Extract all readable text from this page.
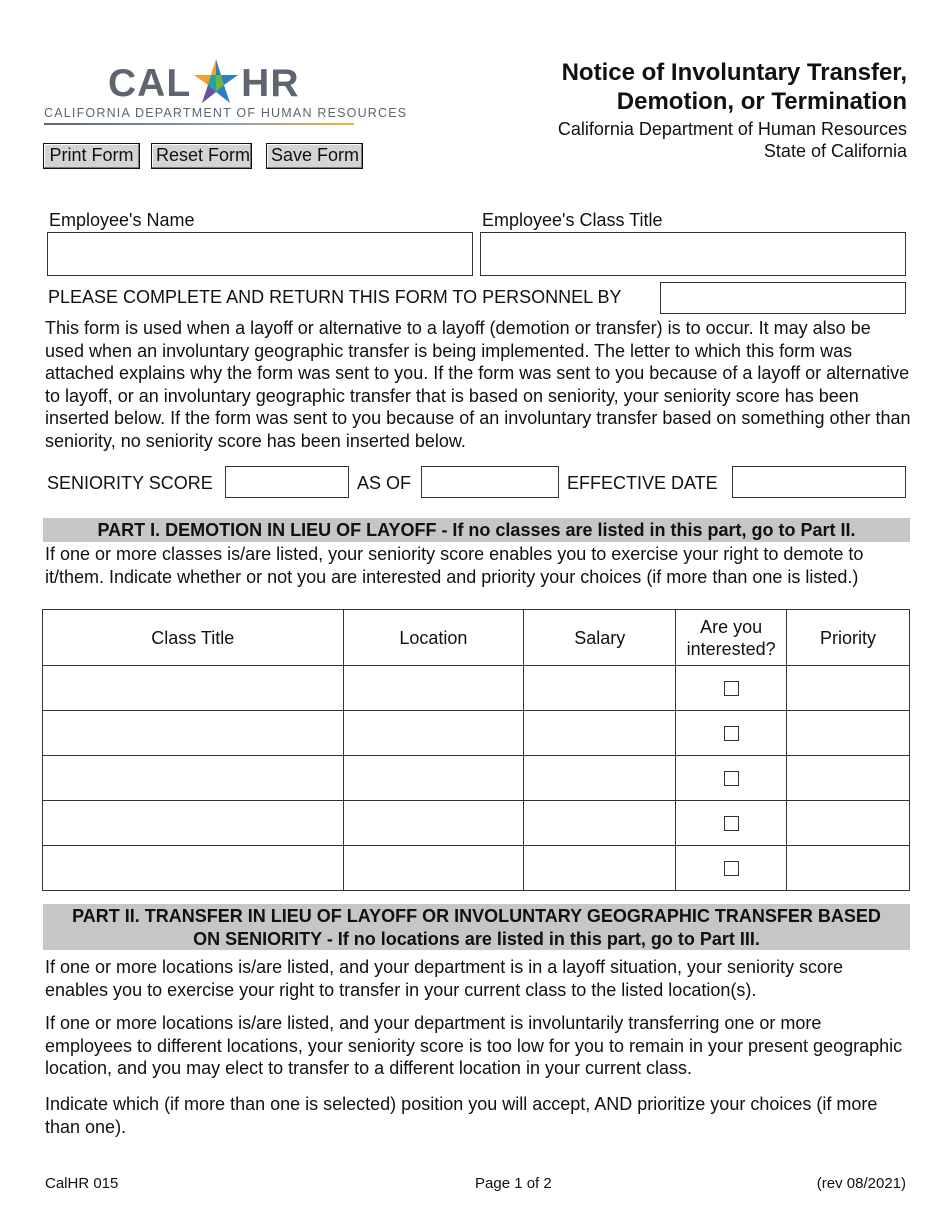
CAL HR
CALIFORNIA DEPARTMENT OF HUMAN RESOURCES
Print Form	Reset Form Save Form
Notice of Involuntary Transfer,
Demotion, or Termination
California Department of Human Resources
State of California
Employee's Name	Employee's Class Title
PLEASE COMPLETE AND RETURN THIS FORM TO PERSONNEL BY
This form is used when a layoff or alternative to a layoff (demotion or transfer) is to occur. It may also be used when an involuntary geographic transfer is being implemented. The letter to which this form was attached explains why the form was sent to you. If the form was sent to you because of a layoff or alternative to layoff, or an involuntary geographic transfer that is based on seniority, your seniority score has been inserted below. If the form was sent to you because of an involuntary transfer based on something other than seniority, no seniority score has been inserted below.
SENIORITY SCORE	AS OF	EFFECTIVE DATE
PART I. DEMOTION IN LIEU OF LAYOFF - If no classes are listed in this part, go to Part II.
If one or more classes is/are listed, your seniority score enables you to exercise your right to demote to it/them. Indicate whether or not you are interested and priority your choices (if more than one is listed.)
Class Title	Location	Salary	Are you interested?	Priority

PART II. TRANSFER IN LIEU OF LAYOFF OR INVOLUNTARY GEOGRAPHIC TRANSFER BASED
ON SENIORITY - If no locations are listed in this part, go to Part III.
If one or more locations is/are listed, and your department is in a layoff situation, your seniority score enables you to exercise your right to transfer in your current class to the listed location(s).
If one or more locations is/are listed, and your department is involuntarily transferring one or more employees to different locations, your seniority score is too low for you to remain in your present geographic location, and you may elect to transfer to a different location in your current class.
Indicate which (if more than one is selected) position you will accept, AND prioritize your choices (if more than one).
CalHR 015	Page 1 of 2	(rev 08/2021)
